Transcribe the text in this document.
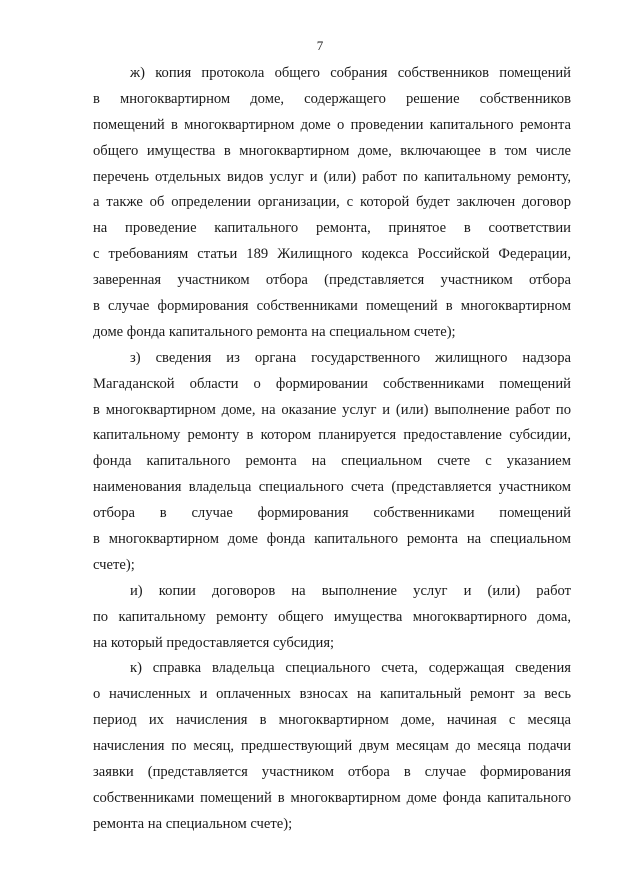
7
ж) копия протокола общего собрания собственников помещений
в многоквартирном доме, содержащего решение собственников
помещений в многоквартирном доме о проведении капитального ремонта
общего имущества в многоквартирном доме, включающее в том числе
перечень отдельных видов услуг и (или) работ по капитальному ремонту,
а также об определении организации, с которой будет заключен договор
на проведение капитального ремонта, принятое в соответствии
с требованиям статьи 189 Жилищного кодекса Российской Федерации,
заверенная участником отбора (представляется участником отбора
в случае формирования собственниками помещений в многоквартирном
доме фонда капитального ремонта на специальном счете);
з) сведения из органа государственного жилищного надзора
Магаданской области о формировании собственниками помещений
в многоквартирном доме, на оказание услуг и (или) выполнение работ по
капитальному ремонту в котором планируется предоставление субсидии,
фонда капитального ремонта на специальном счете с указанием
наименования владельца специального счета (представляется участником
отбора в случае формирования собственниками помещений
в многоквартирном доме фонда капитального ремонта на специальном
счете);
и) копии договоров на выполнение услуг и (или) работ
по капитальному ремонту общего имущества многоквартирного дома,
на который предоставляется субсидия;
к) справка владельца специального счета, содержащая сведения
о начисленных и оплаченных взносах на капитальный ремонт за весь
период их начисления в многоквартирном доме, начиная с месяца
начисления по месяц, предшествующий двум месяцам до месяца подачи
заявки (представляется участником отбора в случае формирования
собственниками помещений в многоквартирном доме фонда капитального
ремонта на специальном счете);
